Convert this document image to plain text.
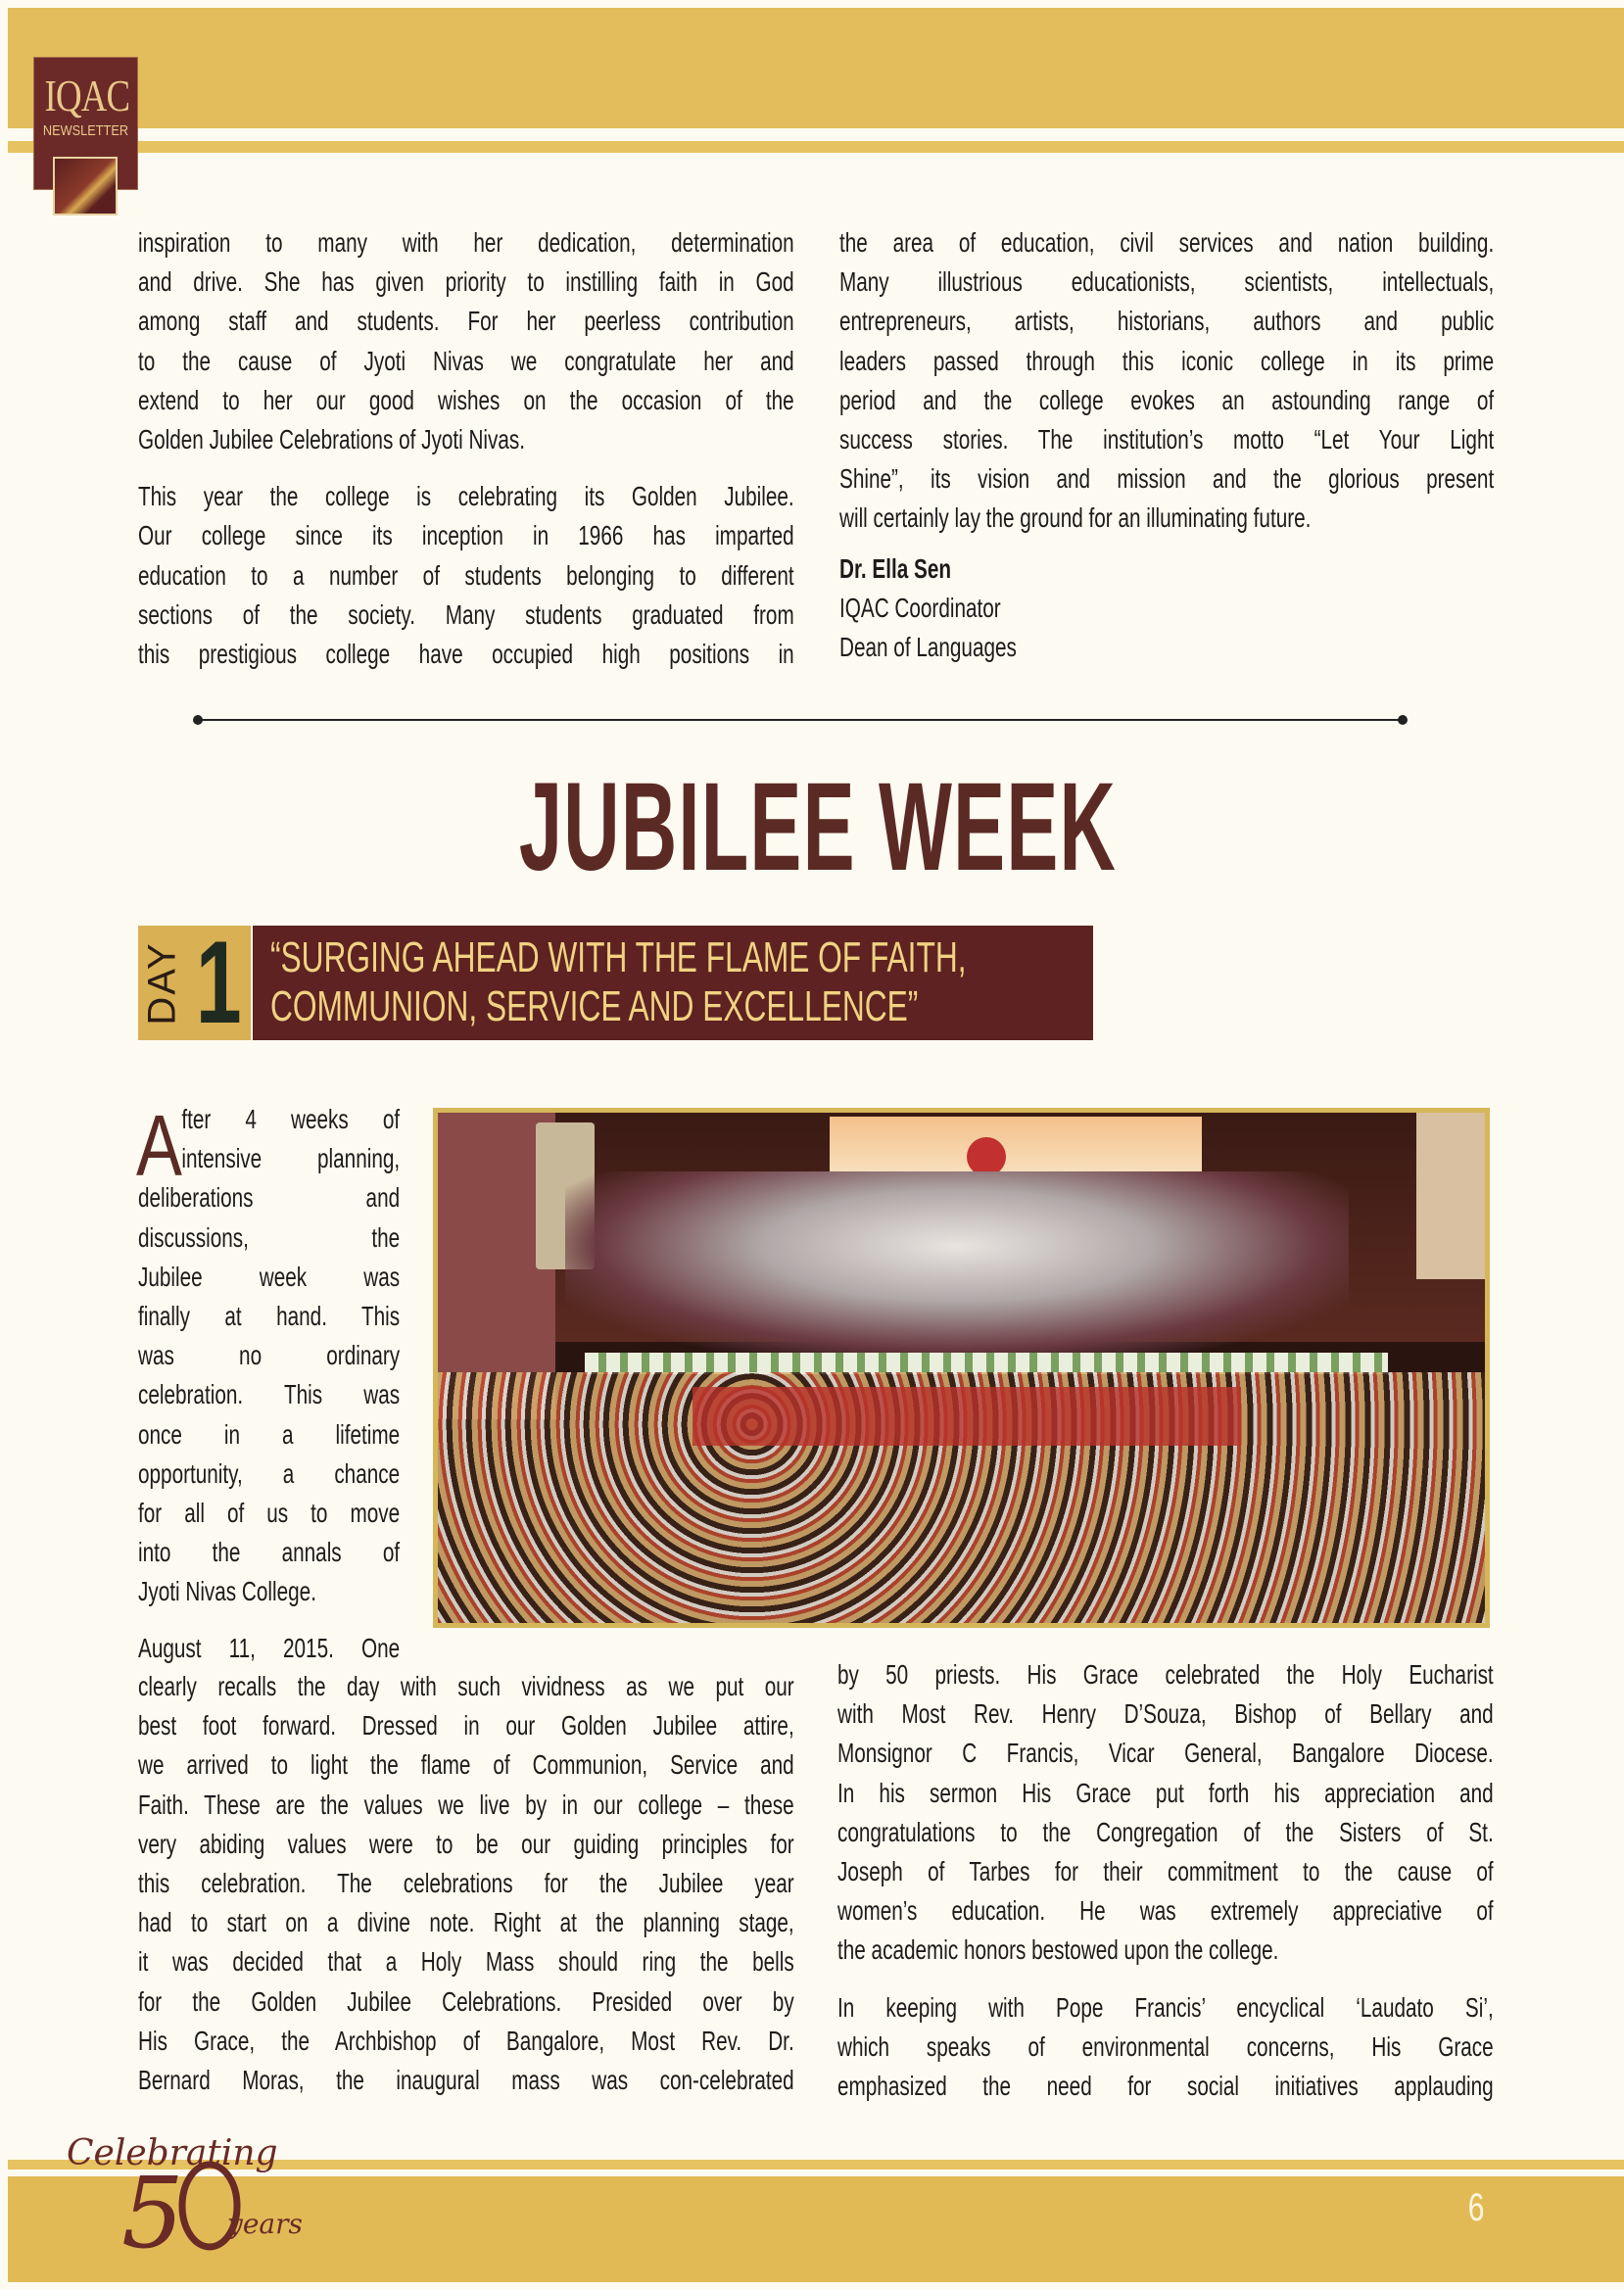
IQAC
NEWSLETTER
inspiration to many with her dedication, determination
and drive. She has given priority to instilling faith in God
among staff and students. For her peerless contribution
to the cause of Jyoti Nivas we congratulate her and
extend to her our good wishes on the occasion of the
Golden Jubilee Celebrations of Jyoti Nivas.
This year the college is celebrating its Golden Jubilee.
Our college since its inception in 1966 has imparted
education to a number of students belonging to different
sections of the society. Many students graduated from
this prestigious college have occupied high positions in
the area of education, civil services and nation building.
Many illustrious educationists, scientists, intellectuals,
entrepreneurs, artists, historians, authors and public
leaders passed through this iconic college in its prime
period and the college evokes an astounding range of
success stories. The institution’s motto “Let Your Light
Shine”, its vision and mission and the glorious present
will certainly lay the ground for an illuminating future.
Dr. Ella Sen
IQAC Coordinator
Dean of Languages
JUBILEE WEEK
DAY 1 “SURGING AHEAD WITH THE FLAME OF FAITH,
COMMUNION, SERVICE AND EXCELLENCE”
A fter 4 weeks of
intensive planning,
deliberations and
discussions, the
Jubilee week was
finally at hand. This
was no ordinary
celebration. This was
once in a lifetime
opportunity, a chance
for all of us to move
into the annals of
Jyoti Nivas College.
August 11, 2015. One
clearly recalls the day with such vividness as we put our
best foot forward. Dressed in our Golden Jubilee attire,
we arrived to light the flame of Communion, Service and
Faith. These are the values we live by in our college – these
very abiding values were to be our guiding principles for
this celebration. The celebrations for the Jubilee year
had to start on a divine note. Right at the planning stage,
it was decided that a Holy Mass should ring the bells
for the Golden Jubilee Celebrations. Presided over by
His Grace, the Archbishop of Bangalore, Most Rev. Dr.
Bernard Moras, the inaugural mass was con-celebrated
by 50 priests. His Grace celebrated the Holy Eucharist
with Most Rev. Henry D’Souza, Bishop of Bellary and
Monsignor C Francis, Vicar General, Bangalore Diocese.
In his sermon His Grace put forth his appreciation and
congratulations to the Congregation of the Sisters of St.
Joseph of Tarbes for their commitment to the cause of
women’s education. He was extremely appreciative of
the academic honors bestowed upon the college.
In keeping with Pope Francis’ encyclical ‘Laudato Si’,
which speaks of environmental concerns, His Grace
emphasized the need for social initiatives applauding
Celebrating
5 years	6
